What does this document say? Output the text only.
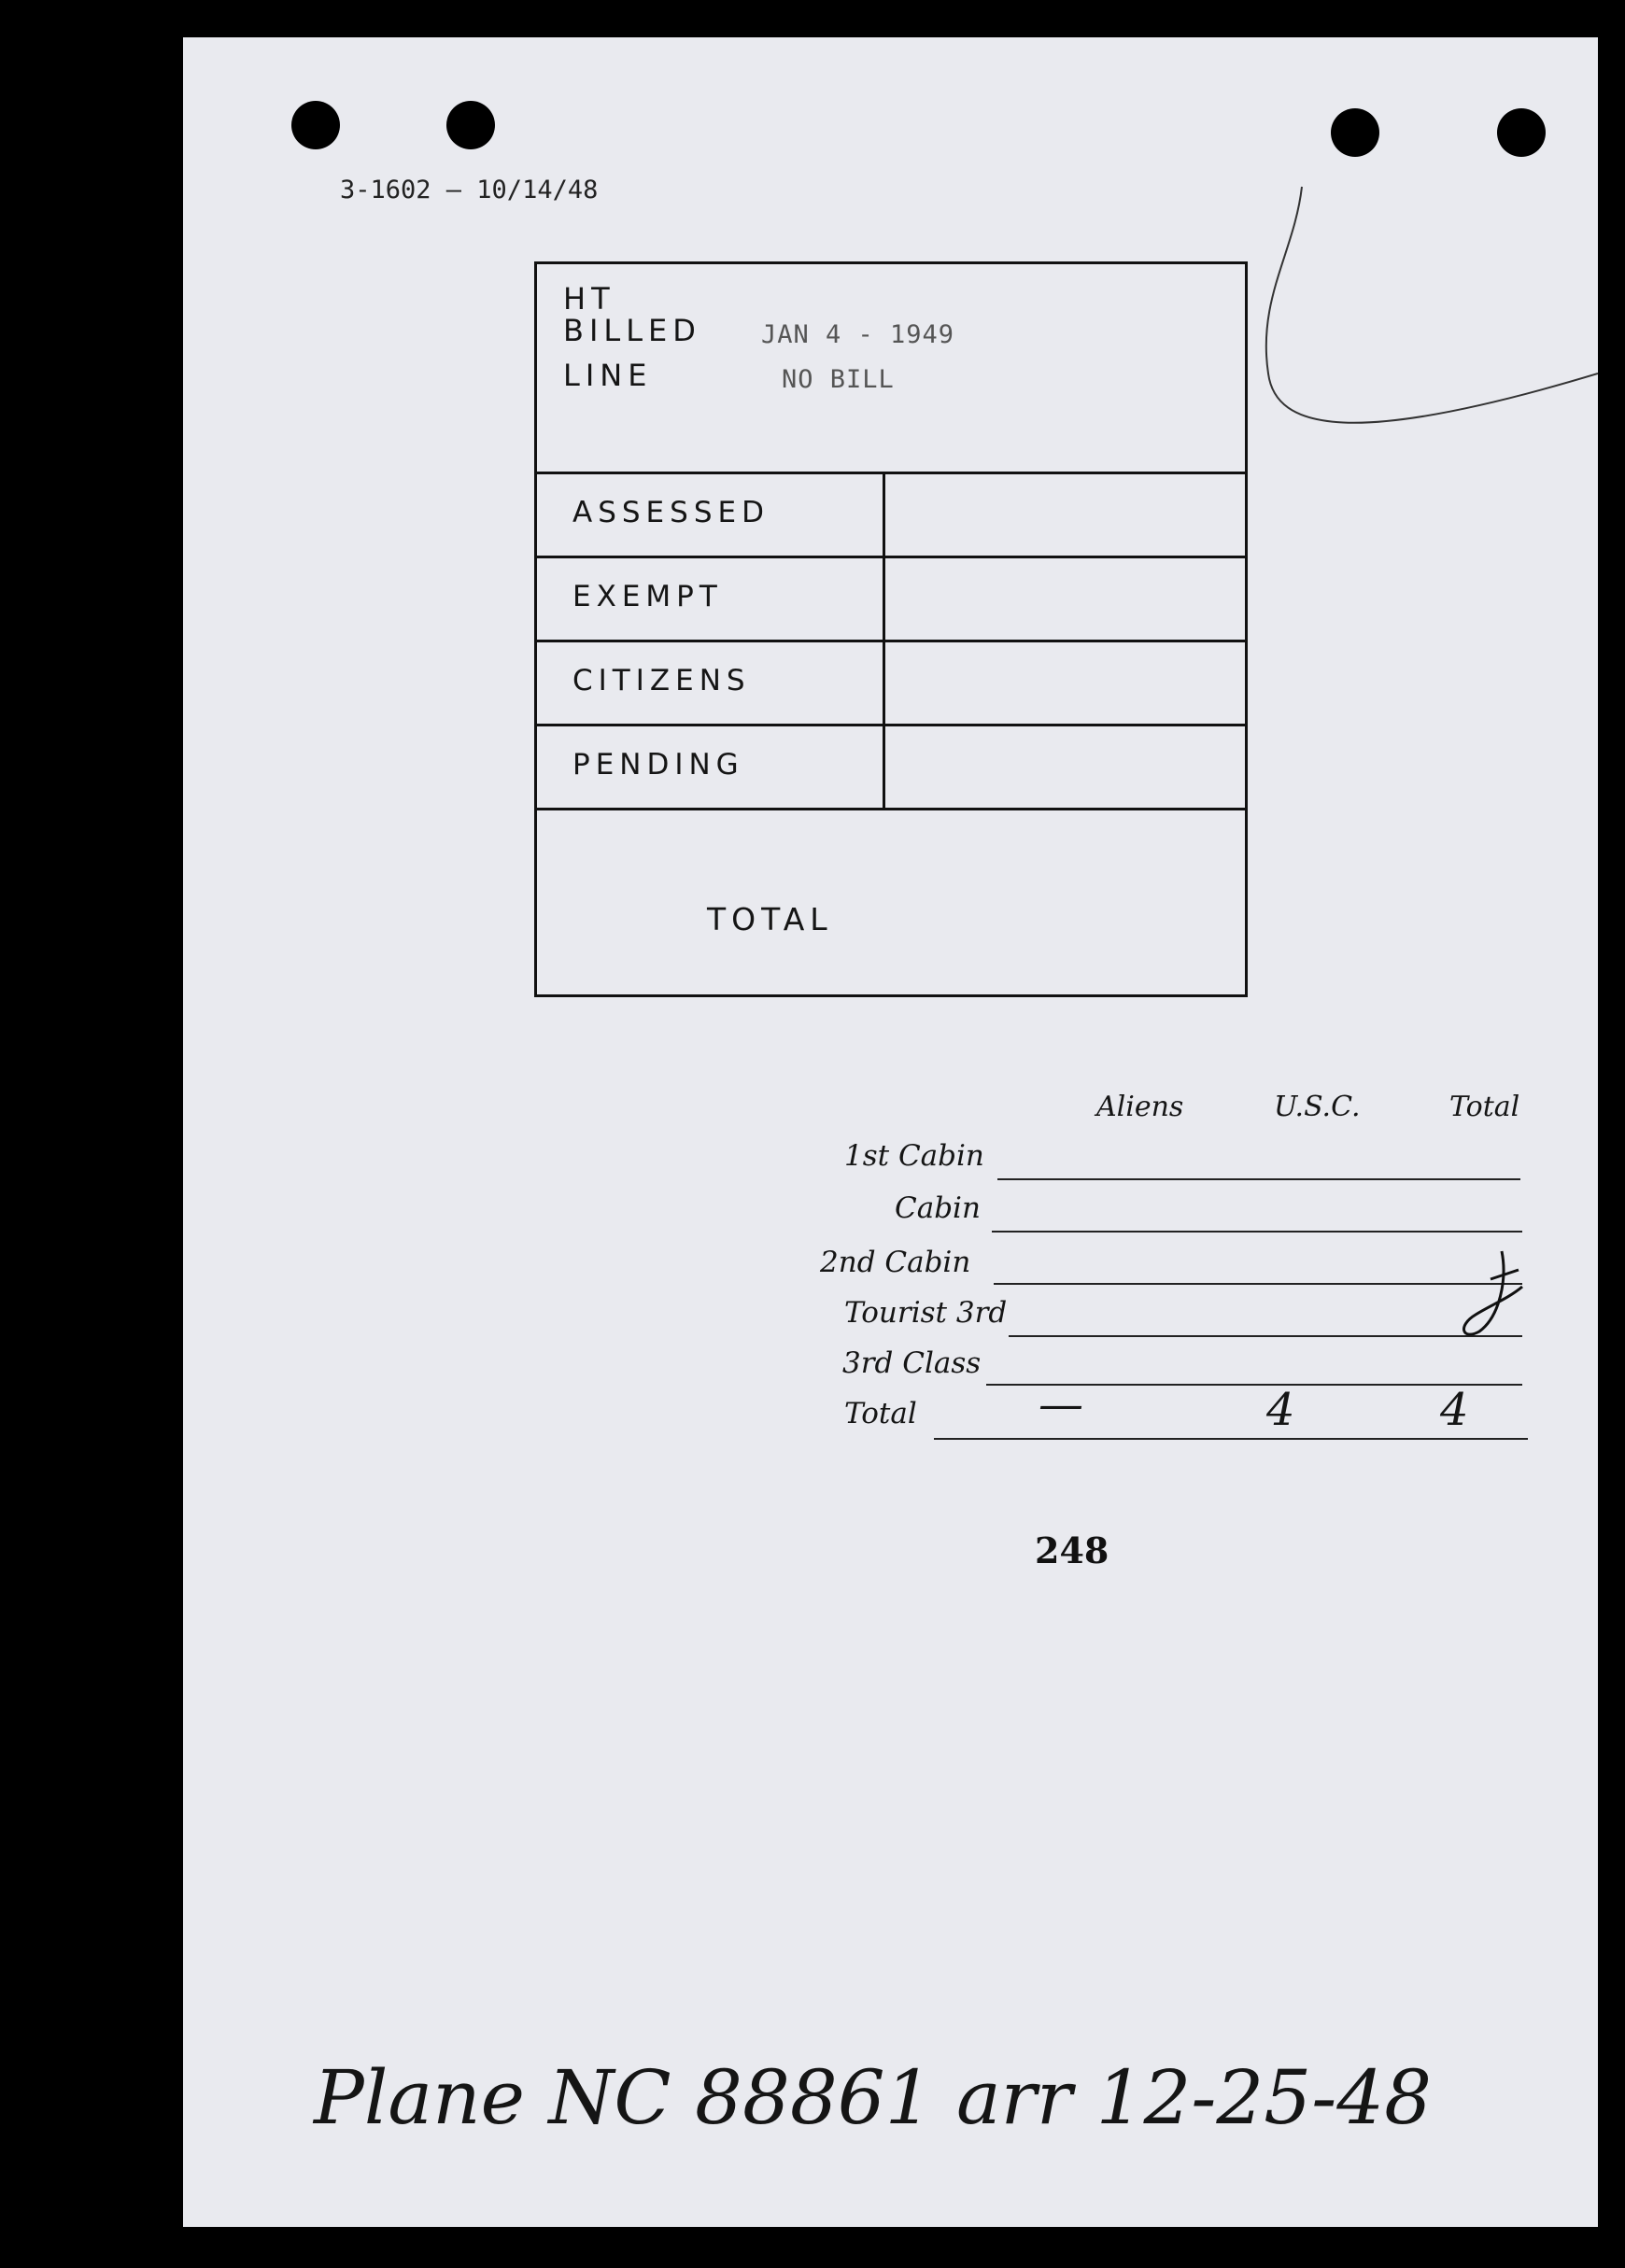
3-1602 — 10/14/48
HT
BILLED
LINE
JAN 4 - 1949
NO BILL
ASSESSED
EXEMPT
CITIZENS
PENDING
TOTAL
Aliens	U.S.C.	Total
1st Cabin
Cabin
2nd Cabin
Tourist 3rd
3rd Class
Total	—	4	4
248
Plane NC 88861 arr 12-25-48
